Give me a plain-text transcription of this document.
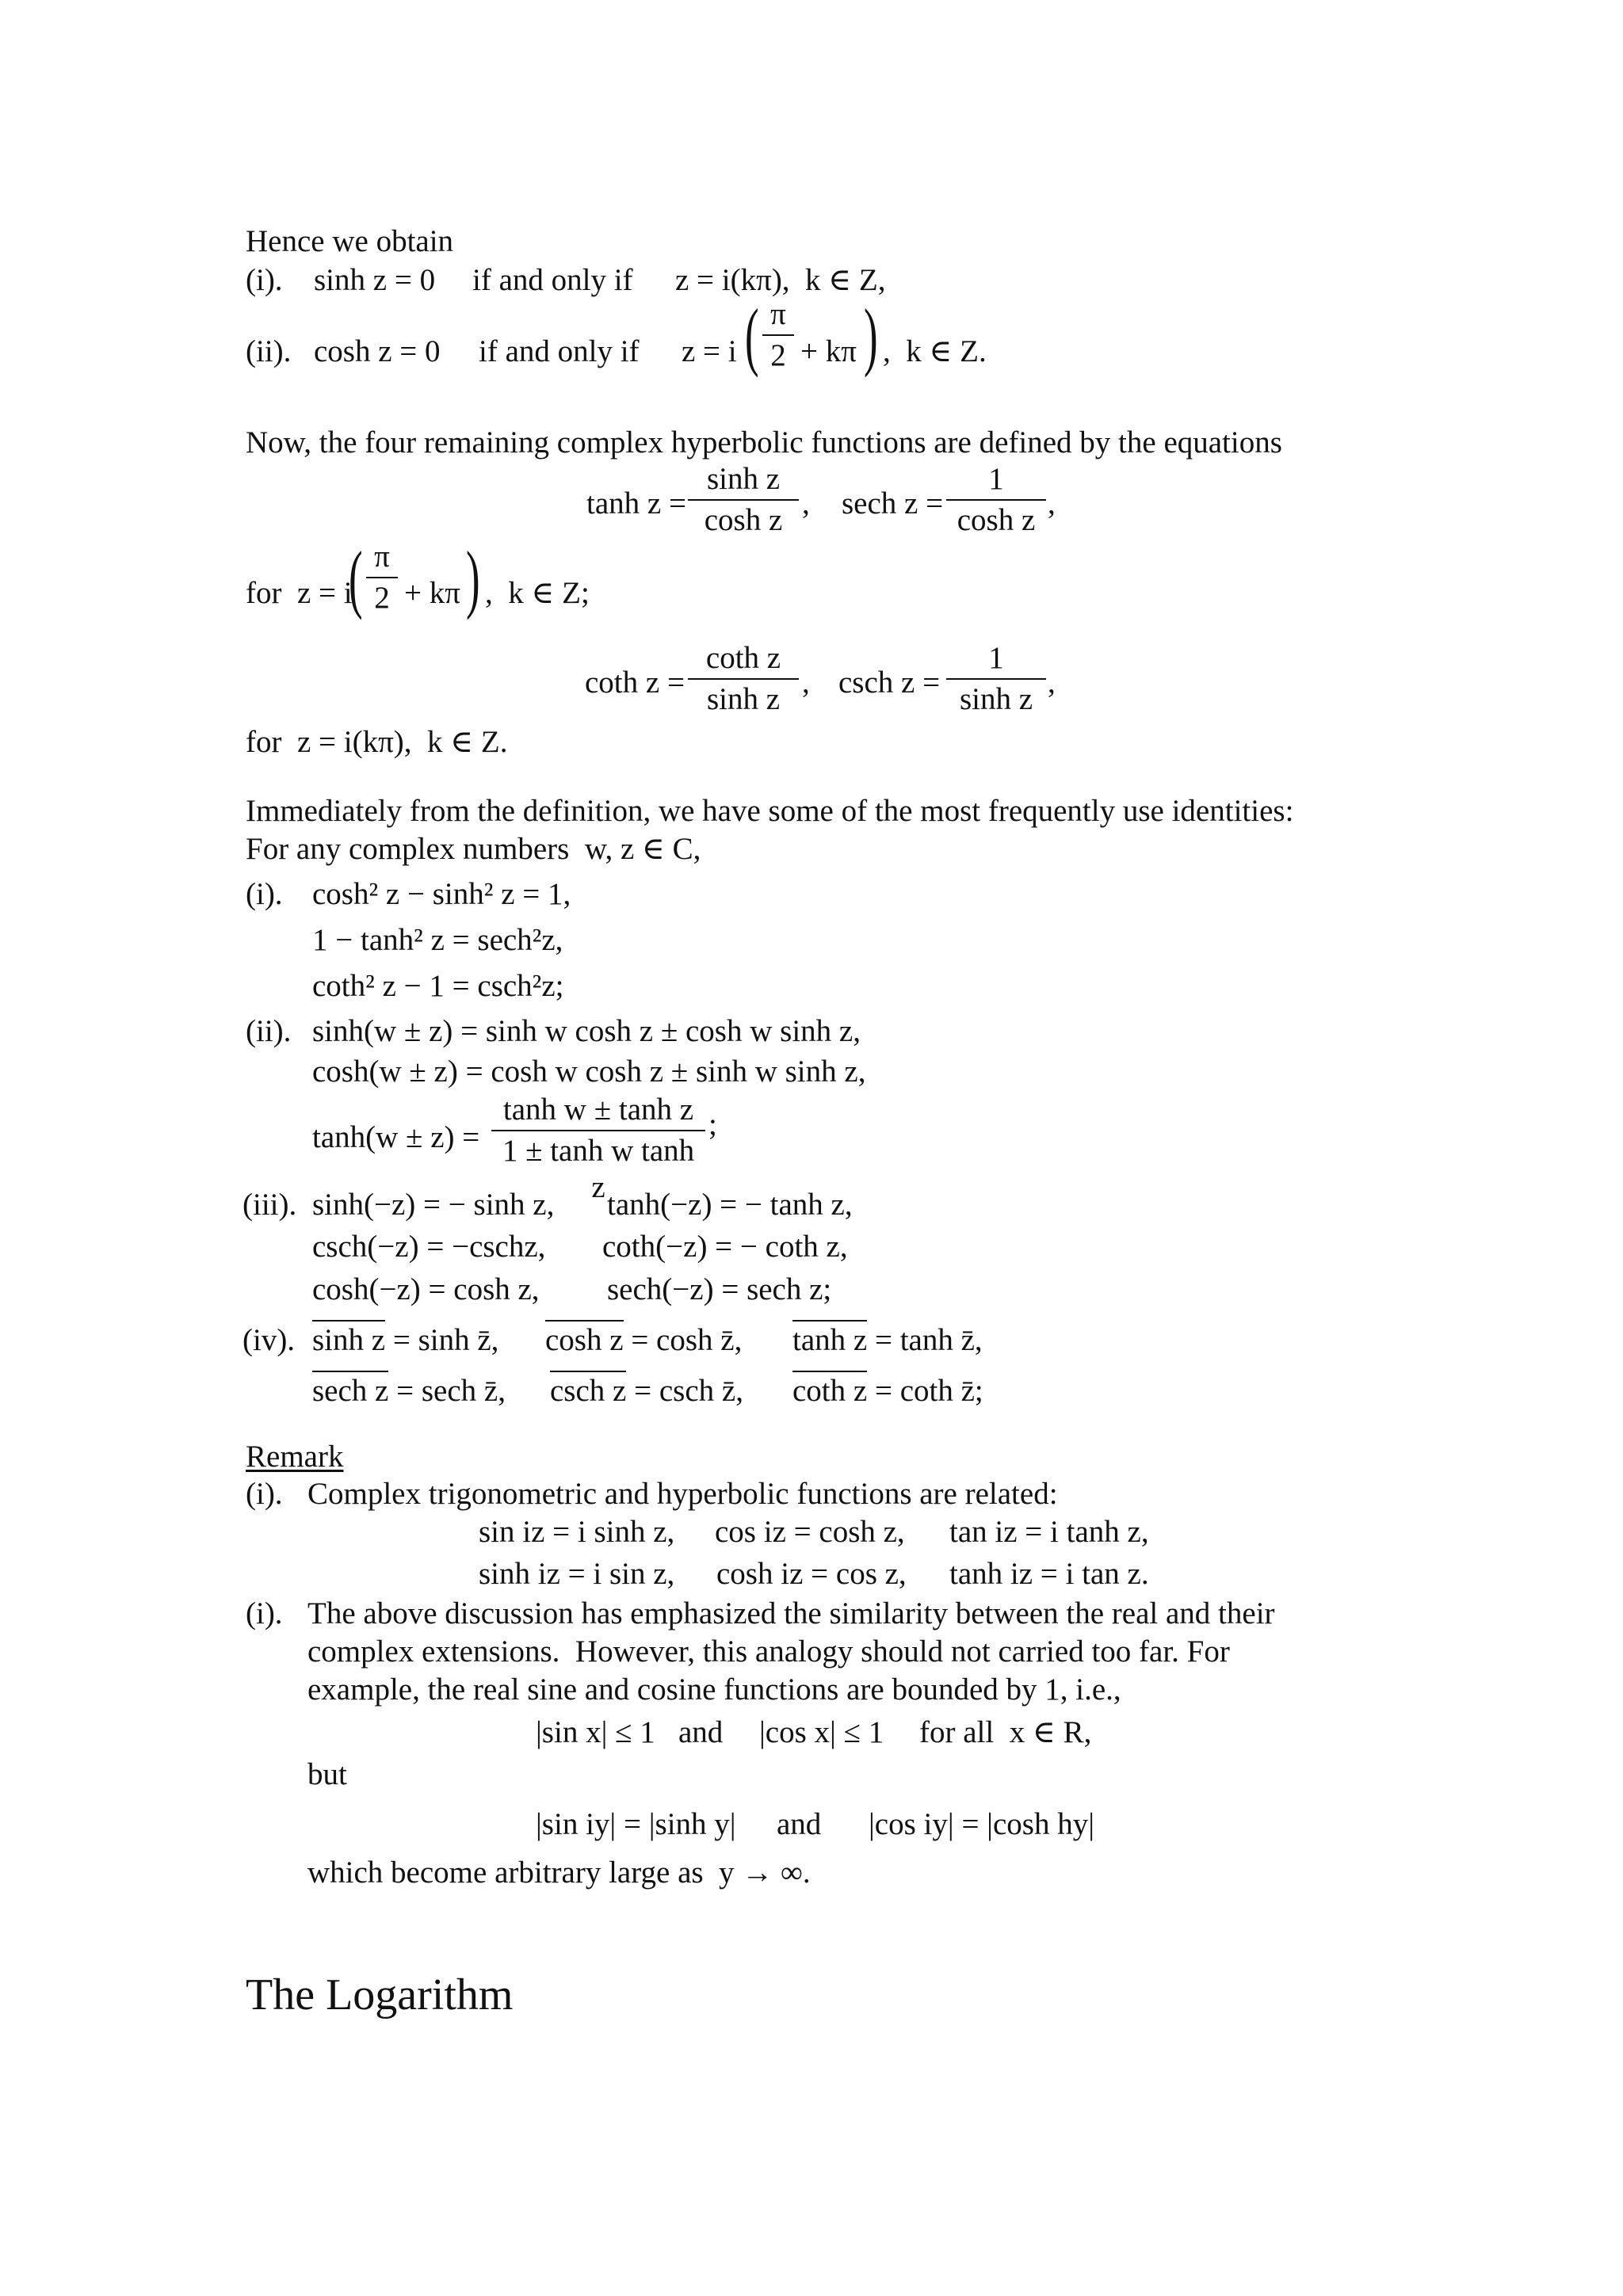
Hence we obtain
(i). sinh z = 0 if and only if z = i(kπ),  k ∈ Z,
(ii). cosh z = 0 if and only if z = i ( π
2 + kπ ) ,  k ∈ Z.
Now, the four remaining complex hyperbolic functions are defined by the equations
tanh z =
sinh z
cosh z , sech z =
1
cosh z ,
for  z = i
( π
2 + kπ ) ,  k ∈ Z;
coth z =
coth z
sinh z , csch z =
1
sinh z ,
for  z = i(kπ),  k ∈ Z.
Immediately from the definition, we have some of the most frequently use identities:
For any complex numbers  w, z ∈ C,
(i). cosh² z − sinh² z = 1,
1 − tanh² z = sech²z,
coth² z − 1 = csch²z;
(ii). sinh(w ± z) = sinh w cosh z ± cosh w sinh z,
cosh(w ± z) = cosh w cosh z ± sinh w sinh z,
tanh(w ± z) =
tanh w ± tanh z
1 ± tanh w tanh z
;
(iii). sinh(−z) = − sinh z, tanh(−z) = − tanh z,
csch(−z) = −cschz, coth(−z) = − coth z,
cosh(−z) = cosh z, sech(−z) = sech z;
(iv). sinh z = sinh z̄, cosh z = cosh z̄, tanh z = tanh z̄,
sech z = sech z̄, csch z = csch z̄, coth z = coth z̄;
Remark
(i). Complex trigonometric and hyperbolic functions are related:
sin iz = i sinh z, cos iz = cosh z, tan iz = i tanh z,
sinh iz = i sin z, cosh iz = cos z, tanh iz = i tan z.
(i). The above discussion has emphasized the similarity between the real and their
complex extensions.  However, this analogy should not carried too far. For
example, the real sine and cosine functions are bounded by 1, i.e.,
|sin x| ≤ 1 and |cos x| ≤ 1 for all  x ∈ R,
but
|sin iy| = |sinh y| and |cos iy| = |cosh hy|
which become arbitrary large as  y → ∞.
The Logarithm
